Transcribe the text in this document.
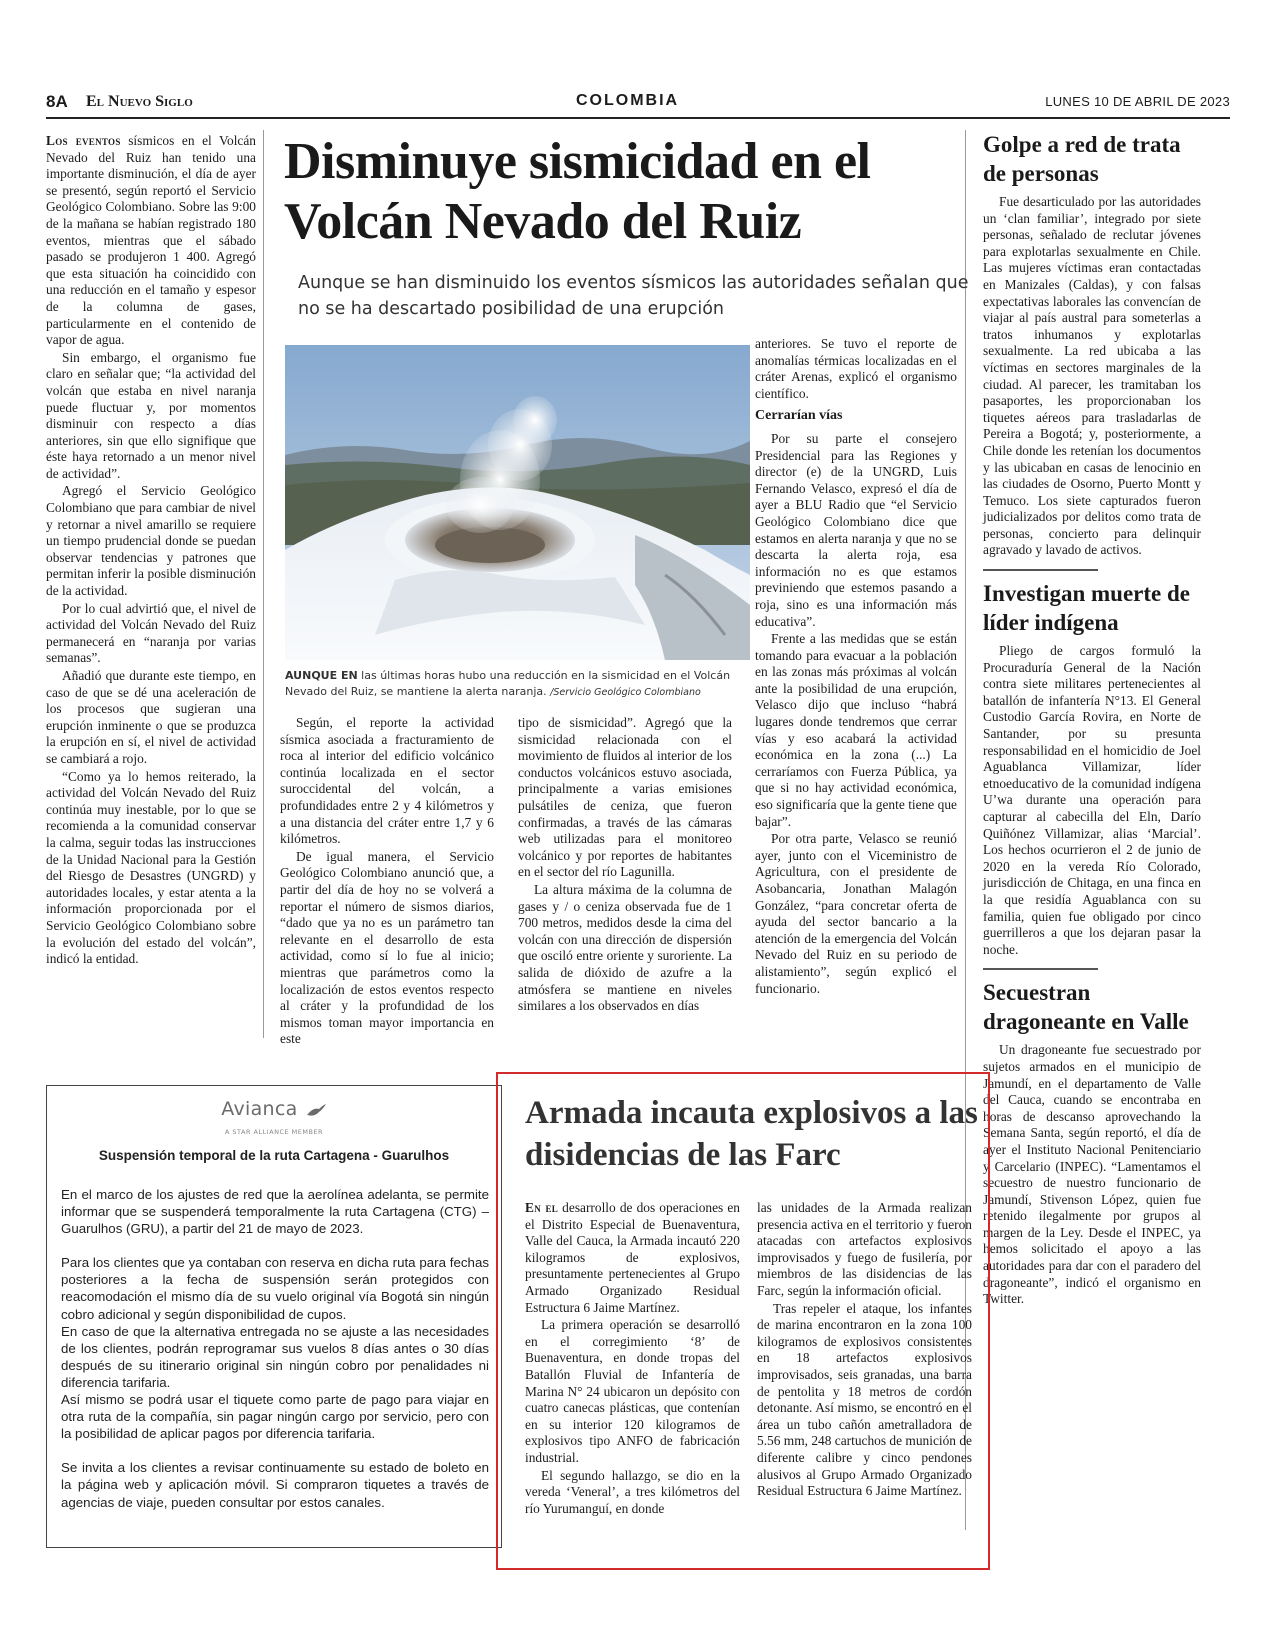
8A El Nuevo Siglo	COLOMBIA	LUNES 10 DE ABRIL DE 2023

Los eventos sísmicos en el Volcán Nevado del Ruiz han tenido una importante disminución, el día de ayer se presentó, según reportó el Servicio Geológico Colombiano. Sobre las 9:00 de la mañana se habían registrado 180 eventos, mientras que el sábado pasado se produjeron 1 400. Agregó que esta situación ha coincidido con una reducción en el tamaño y espesor de la columna de gases, particularmente en el contenido de vapor de agua.

Sin embargo, el organismo fue claro en señalar que; “la actividad del volcán que estaba en nivel naranja puede fluctuar y, por momentos disminuir con respecto a días anteriores, sin que ello signifique que éste haya retornado a un menor nivel de actividad”.

Agregó el Servicio Geológico Colombiano que para cambiar de nivel y retornar a nivel amarillo se requiere un tiempo prudencial donde se puedan observar tendencias y patrones que permitan inferir la posible disminución de la actividad.

Por lo cual advirtió que, el nivel de actividad del Volcán Nevado del Ruiz permanecerá en “naranja por varias semanas”.

Añadió que durante este tiempo, en caso de que se dé una aceleración de los procesos que sugieran una erupción inminente o que se produzca la erupción en sí, el nivel de actividad se cambiará a rojo.

“Como ya lo hemos reiterado, la actividad del Volcán Nevado del Ruiz continúa muy inestable, por lo que se recomienda a la comunidad conservar la calma, seguir todas las instrucciones de la Unidad Nacional para la Gestión del Riesgo de Desastres (UNGRD) y autoridades locales, y estar atenta a la información proporcionada por el Servicio Geológico Colombiano sobre la evolución del estado del volcán”, indicó la entidad.

Disminuye sismicidad en el Volcán Nevado del Ruiz
Aunque se han disminuido los eventos sísmicos las autoridades señalan que no se ha descartado posibilidad de una erupción
AUNQUE EN las últimas horas hubo una reducción en la sismicidad en el Volcán Nevado del Ruiz, se mantiene la alerta naranja. /Servicio Geológico Colombiano

Según, el reporte la actividad sísmica asociada a fracturamiento de roca al interior del edificio volcánico continúa localizada en el sector suroccidental del volcán, a profundidades entre 2 y 4 kilómetros y a una distancia del cráter entre 1,7 y 6 kilómetros.

De igual manera, el Servicio Geológico Colombiano anunció que, a partir del día de hoy no se volverá a reportar el número de sismos diarios, “dado que ya no es un parámetro tan relevante en el desarrollo de esta actividad, como sí lo fue al inicio; mientras que parámetros como la localización de estos eventos respecto al cráter y la profundidad de los mismos toman mayor importancia en este

tipo de sismicidad”. Agregó que la sismicidad relacionada con el movimiento de fluidos al interior de los conductos volcánicos estuvo asociada, principalmente a varias emisiones pulsátiles de ceniza, que fueron confirmadas, a través de las cámaras web utilizadas para el monitoreo volcánico y por reportes de habitantes en el sector del río Lagunilla.

La altura máxima de la columna de gases y / o ceniza observada fue de 1 700 metros, medidos desde la cima del volcán con una dirección de dispersión que osciló entre oriente y suroriente. La salida de dióxido de azufre a la atmósfera se mantiene en niveles similares a los observados en días

anteriores. Se tuvo el reporte de anomalías térmicas localizadas en el cráter Arenas, explicó el organismo científico.

Cerrarían vías

Por su parte el consejero Presidencial para las Regiones y director (e) de la UNGRD, Luis Fernando Velasco, expresó el día de ayer a BLU Radio que “el Servicio Geológico Colombiano dice que estamos en alerta naranja y que no se descarta la alerta roja, esa información no es que estamos previniendo que estemos pasando a roja, sino es una información más educativa”.

Frente a las medidas que se están tomando para evacuar a la población en las zonas más próximas al volcán ante la posibilidad de una erupción, Velasco dijo que incluso “habrá lugares donde tendremos que cerrar vías y eso acabará la actividad económica en la zona (...) La cerraríamos con Fuerza Pública, ya que si no hay actividad económica, eso significaría que la gente tiene que bajar”.

Por otra parte, Velasco se reunió ayer, junto con el Viceministro de Agricultura, con el presidente de Asobancaria, Jonathan Malagón González, “para concretar oferta de ayuda del sector bancario a la atención de la emergencia del Volcán Nevado del Ruiz en su periodo de alistamiento”, según explicó el funcionario.

Golpe a red de trata de personas

Fue desarticulado por las autoridades un ‘clan familiar’, integrado por siete personas, señalado de reclutar jóvenes para explotarlas sexualmente en Chile. Las mujeres víctimas eran contactadas en Manizales (Caldas), y con falsas expectativas laborales las convencían de viajar al país austral para someterlas a tratos inhumanos y explotarlas sexualmente. La red ubicaba a las víctimas en sectores marginales de la ciudad. Al parecer, les tramitaban los pasaportes, les proporcionaban los tiquetes aéreos para trasladarlas de Pereira a Bogotá; y, posteriormente, a Chile donde les retenían los documentos y las ubicaban en casas de lenocinio en las ciudades de Osorno, Puerto Montt y Temuco. Los siete capturados fueron judicializados por delitos como trata de personas, concierto para delinquir agravado y lavado de activos.

Investigan muerte de líder indígena

Pliego de cargos formuló la Procuraduría General de la Nación contra siete militares pertenecientes al batallón de infantería N°13. El General Custodio García Rovira, en Norte de Santander, por su presunta responsabilidad en el homicidio de Joel Aguablanca Villamizar, líder etnoeducativo de la comunidad indígena U’wa durante una operación para capturar al cabecilla del Eln, Darío Quiñónez Villamizar, alias ‘Marcial’. Los hechos ocurrieron el 2 de junio de 2020 en la vereda Río Colorado, jurisdicción de Chitaga, en una finca en la que residía Aguablanca con su familia, quien fue obligado por cinco guerrilleros a que los dejaran pasar la noche.

Secuestran dragoneante en Valle

Un dragoneante fue secuestrado por sujetos armados en el municipio de Jamundí, en el departamento de Valle del Cauca, cuando se encontraba en horas de descanso aprovechando la Semana Santa, según reportó, el día de ayer el Instituto Nacional Penitenciario y Carcelario (INPEC). “Lamentamos el secuestro de nuestro funcionario de Jamundí, Stivenson López, quien fue retenido ilegalmente por grupos al margen de la Ley. Desde el INPEC, ya hemos solicitado el apoyo a las autoridades para dar con el paradero del dragoneante”, indicó el organismo en Twitter.

Avianca
A STAR ALLIANCE MEMBER
Suspensión temporal de la ruta Cartagena - Guarulhos

En el marco de los ajustes de red que la aerolínea adelanta, se permite informar que se suspenderá temporalmente la ruta Cartagena (CTG) – Guarulhos (GRU), a partir del 21 de mayo de 2023.

Para los clientes que ya contaban con reserva en dicha ruta para fechas posteriores a la fecha de suspensión serán protegidos con reacomodación el mismo día de su vuelo original vía Bogotá sin ningún cobro adicional y según disponibilidad de cupos.

En caso de que la alternativa entregada no se ajuste a las necesidades de los clientes, podrán reprogramar sus vuelos 8 días antes o 30 días después de su itinerario original sin ningún cobro por penalidades ni diferencia tarifaria.

Así mismo se podrá usar el tiquete como parte de pago para viajar en otra ruta de la compañía, sin pagar ningún cargo por servicio, pero con la posibilidad de aplicar pagos por diferencia tarifaria.

Se invita a los clientes a revisar continuamente su estado de boleto en la página web y aplicación móvil. Si compraron tiquetes a través de agencias de viaje, pueden consultar por estos canales.

Armada incauta explosivos a las disidencias de las Farc

En el desarrollo de dos operaciones en el Distrito Especial de Buenaventura, Valle del Cauca, la Armada incautó 220 kilogramos de explosivos, presuntamente pertenecientes al Grupo Armado Organizado Residual Estructura 6 Jaime Martínez.

La primera operación se desarrolló en el corregimiento ‘8’ de Buenaventura, en donde tropas del Batallón Fluvial de Infantería de Marina N° 24 ubicaron un depósito con cuatro canecas plásticas, que contenían en su interior 120 kilogramos de explosivos tipo ANFO de fabricación industrial.

El segundo hallazgo, se dio en la vereda ‘Veneral’, a tres kilómetros del río Yurumanguí, en donde

las unidades de la Armada realizan presencia activa en el territorio y fueron atacadas con artefactos explosivos improvisados y fuego de fusilería, por miembros de las disidencias de las Farc, según la información oficial.

Tras repeler el ataque, los infantes de marina encontraron en la zona 100 kilogramos de explosivos consistentes en 18 artefactos explosivos improvisados, seis granadas, una barra de pentolita y 18 metros de cordón detonante. Así mismo, se encontró en el área un tubo cañón ametralladora de 5.56 mm, 248 cartuchos de munición de diferente calibre y cinco pendones alusivos al Grupo Armado Organizado Residual Estructura 6 Jaime Martínez.
